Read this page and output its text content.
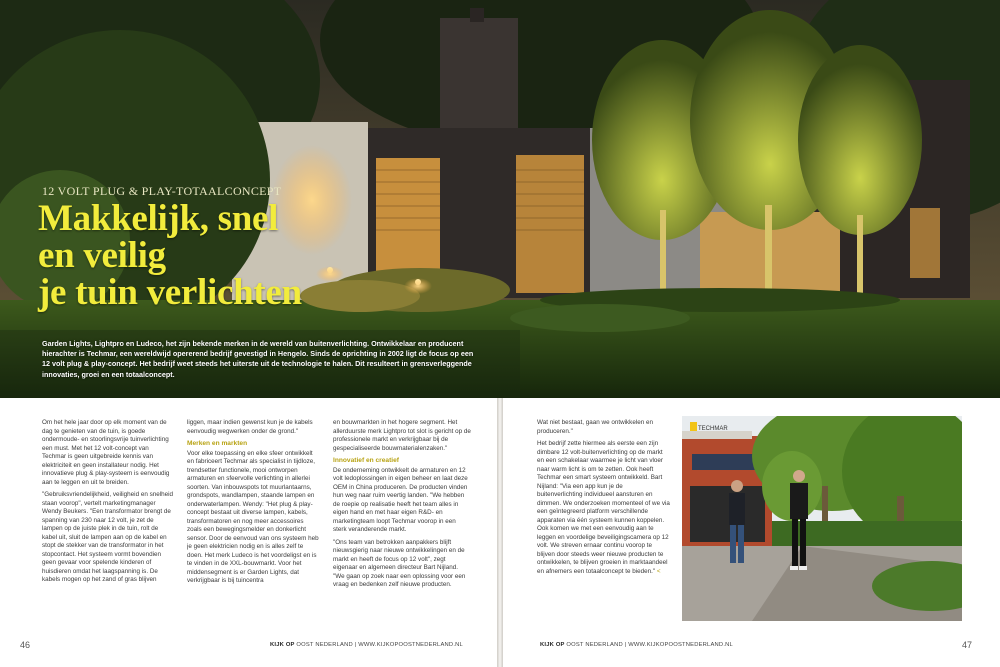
12 VOLT PLUG & PLAY-TOTAALCONCEPT
Makkelijk, snel
en veilig
je tuin verlichten
Garden Lights, Lightpro en Ludeco, het zijn bekende merken in de wereld van buitenverlichting. Ontwikkelaar en producent hierachter is Techmar, een wereldwijd opererend bedrijf gevestigd in Hengelo. Sinds de oprichting in 2002 ligt de focus op een 12 volt plug & play-concept. Het bedrijf weet steeds het uiterste uit de technologie te halen. Dit resulteert in grensverleggende innovaties, groei en een totaalconcept.

Om het hele jaar door op elk moment van de dag te genieten van de tuin, is goede ondermoude- en stoorlingsvrije tuinverlichting een must. Met het 12 volt-concept van Techmar is geen uitgebreide kennis van elektriciteit en geen installateur nodig. Het innovatieve plug & play-systeem is eenvoudig aan te leggen en uit te breiden.

"Gebruiksvriendelijkheid, veiligheid en snelheid staan voorop", vertelt marketingmanager Wendy Beukers. "Een transformator brengt de spanning van 230 naar 12 volt, je zet de lampen op de juiste plek in de tuin, rolt de kabel uit, sluit de lampen aan op de kabel en stopt de stekker van de transformator in het stopcontact. Het systeem vormt bovendien geen gevaar voor spelende kinderen of huisdieren omdat het laagspanning is. De kabels mogen op het zand of gras blijven

liggen, maar indien gewenst kun je de kabels eenvoudig wegwerken onder de grond."

Merken en markten

Voor elke toepassing en elke sfeer ontwikkelt en fabriceert Techmar als specialist in tijdloze, trendsetter functionele, mooi ontworpen armaturen en sfeervolle verlichting in allerlei soorten. Van inbouwspots tot muurlantaarns, grondspots, wandlampen, staande lampen en onderwaterlampen. Wendy: "Het plug & play-concept bestaat uit diverse lampen, kabels, transformatoren en nog meer accessoires zoals een bewegingsmelder en donkerlicht sensor. Door de eenvoud van ons systeem heb je geen elektricien nodig en is alles zelf te doen. Het merk Ludeco is het voordeligst en is te vinden in de XXL-bouwmarkt. Voor het middensegment is er Garden Lights, dat verkrijgbaar is bij tuincentra

en bouwmarkten in het hogere segment. Het allerduurste merk Lightpro tot slot is gericht op de professionele markt en verkrijgbaar bij de gespecialiseerde bouwmaterialenzaken."

Innovatief en creatief

De onderneming ontwikkelt de armaturen en 12 volt ledoplossingen in eigen beheer en laat deze OEM in China produceren. De producten vinden hun weg naar ruim veertig landen. "We hebben de roepie op realisatie heeft het team alles in eigen hand en met haar eigen R&D- en marketingteam loopt Techmar voorop in een sterk veranderende markt.

"Ons team van betrokken aanpakkers blijft nieuwsgierig naar nieuwe ontwikkelingen en de markt en heeft de focus op 12 volt", zegt eigenaar en algemeen directeur Bart Nijland. "We gaan op zoek naar een oplossing voor een vraag en bedenken zelf nieuwe producten.

Wat niet bestaat, gaan we ontwikkelen en produceren."

Het bedrijf zette hiermee als eerste een zijn dimbare 12 volt-buitenverlichting op de markt en een schakelaar waarmee je licht van vloer naar warm licht is om te zetten. Ook heeft Techmar een smart systeem ontwikkeld. Bart Nijland: "Via een app kun je de buitenverlichting individueel aansturen en dimmen. We onderzoeken momenteel of we via een geïntegreerd platform verschillende apparaten via één systeem kunnen koppelen. Ook komen we met een eenvoudig aan te leggen en voordelige beveiligingscamera op 12 volt. We streven ernaar continu voorop te blijven door steeds weer nieuwe producten te ontwikkelen, te blijven groeien in marktaandeel en afnemers een totaalconcept te bieden." <

TECHMAR
46	KIJK OP OOST NEDERLAND | WWW.KIJKOPOOSTNEDERLAND.NL	KIJK OP OOST NEDERLAND | WWW.KIJKOPOOSTNEDERLAND.NL	47
